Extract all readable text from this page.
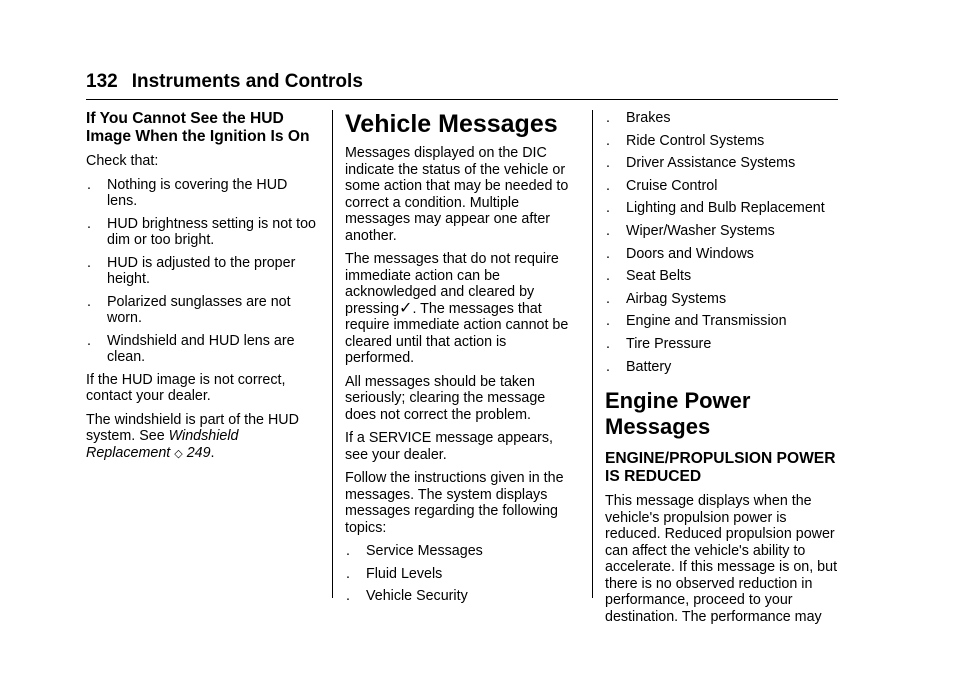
132 Instruments and Controls
If You Cannot See the HUD Image When the Ignition Is On

Check that:

. Nothing is covering the HUD lens.
. HUD brightness setting is not too dim or too bright.
. HUD is adjusted to the proper height.
. Polarized sunglasses are not worn.
. Windshield and HUD lens are clean.

If the HUD image is not correct, contact your dealer.

The windshield is part of the HUD system. See Windshield Replacement ◇ 249.

Vehicle Messages

Messages displayed on the DIC indicate the status of the vehicle or some action that may be needed to correct a condition. Multiple messages may appear one after another.

The messages that do not require immediate action can be acknowledged and cleared by pressing✓. The messages that require immediate action cannot be cleared until that action is performed.

All messages should be taken seriously; clearing the message does not correct the problem.

If a SERVICE message appears, see your dealer.

Follow the instructions given in the messages. The system displays messages regarding the following topics:

. Service Messages
. Fluid Levels
. Vehicle Security
. Brakes
. Ride Control Systems
. Driver Assistance Systems
. Cruise Control
. Lighting and Bulb Replacement
. Wiper/Washer Systems
. Doors and Windows
. Seat Belts
. Airbag Systems
. Engine and Transmission
. Tire Pressure
. Battery
Engine Power Messages
ENGINE/PROPULSION POWER IS REDUCED

This message displays when the vehicle's propulsion power is reduced. Reduced propulsion power can affect the vehicle's ability to accelerate. If this message is on, but there is no observed reduction in performance, proceed to your destination. The performance may
